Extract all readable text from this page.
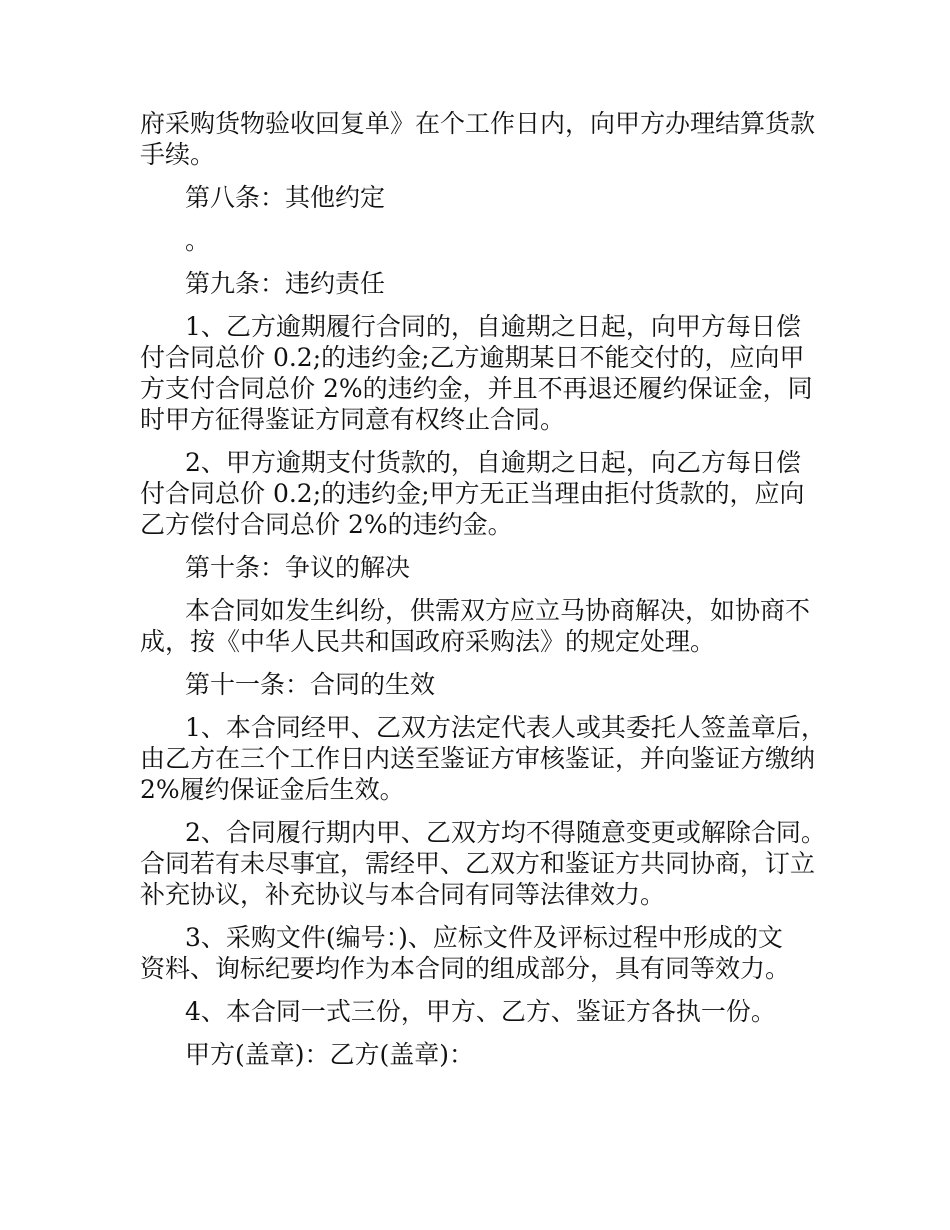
府采购货物验收回复单》在个工作日内，向甲方办理结算货款
手续。

第八条：其他约定

。

第九条：违约责任

1、乙方逾期履行合同的，自逾期之日起，向甲方每日偿
付合同总价 0.2;的违约金;乙方逾期某日不能交付的，应向甲
方支付合同总价 2%的违约金，并且不再退还履约保证金，同
时甲方征得鉴证方同意有权终止合同。

2、甲方逾期支付货款的，自逾期之日起，向乙方每日偿
付合同总价 0.2;的违约金;甲方无正当理由拒付货款的，应向
乙方偿付合同总价 2%的违约金。

第十条：争议的解决

本合同如发生纠纷，供需双方应立马协商解决，如协商不
成，按《中华人民共和国政府采购法》的规定处理。

第十一条：合同的生效

1、本合同经甲、乙双方法定代表人或其委托人签盖章后，
由乙方在三个工作日内送至鉴证方审核鉴证，并向鉴证方缴纳
2%履约保证金后生效。

2、合同履行期内甲、乙双方均不得随意变更或解除合同。
合同若有未尽事宜，需经甲、乙双方和鉴证方共同协商，订立
补充协议，补充协议与本合同有同等法律效力。

3、采购文件(编号：)、应标文件及评标过程中形成的文
资料、询标纪要均作为本合同的组成部分，具有同等效力。

4、本合同一式三份，甲方、乙方、鉴证方各执一份。

甲方(盖章)：乙方(盖章)：
